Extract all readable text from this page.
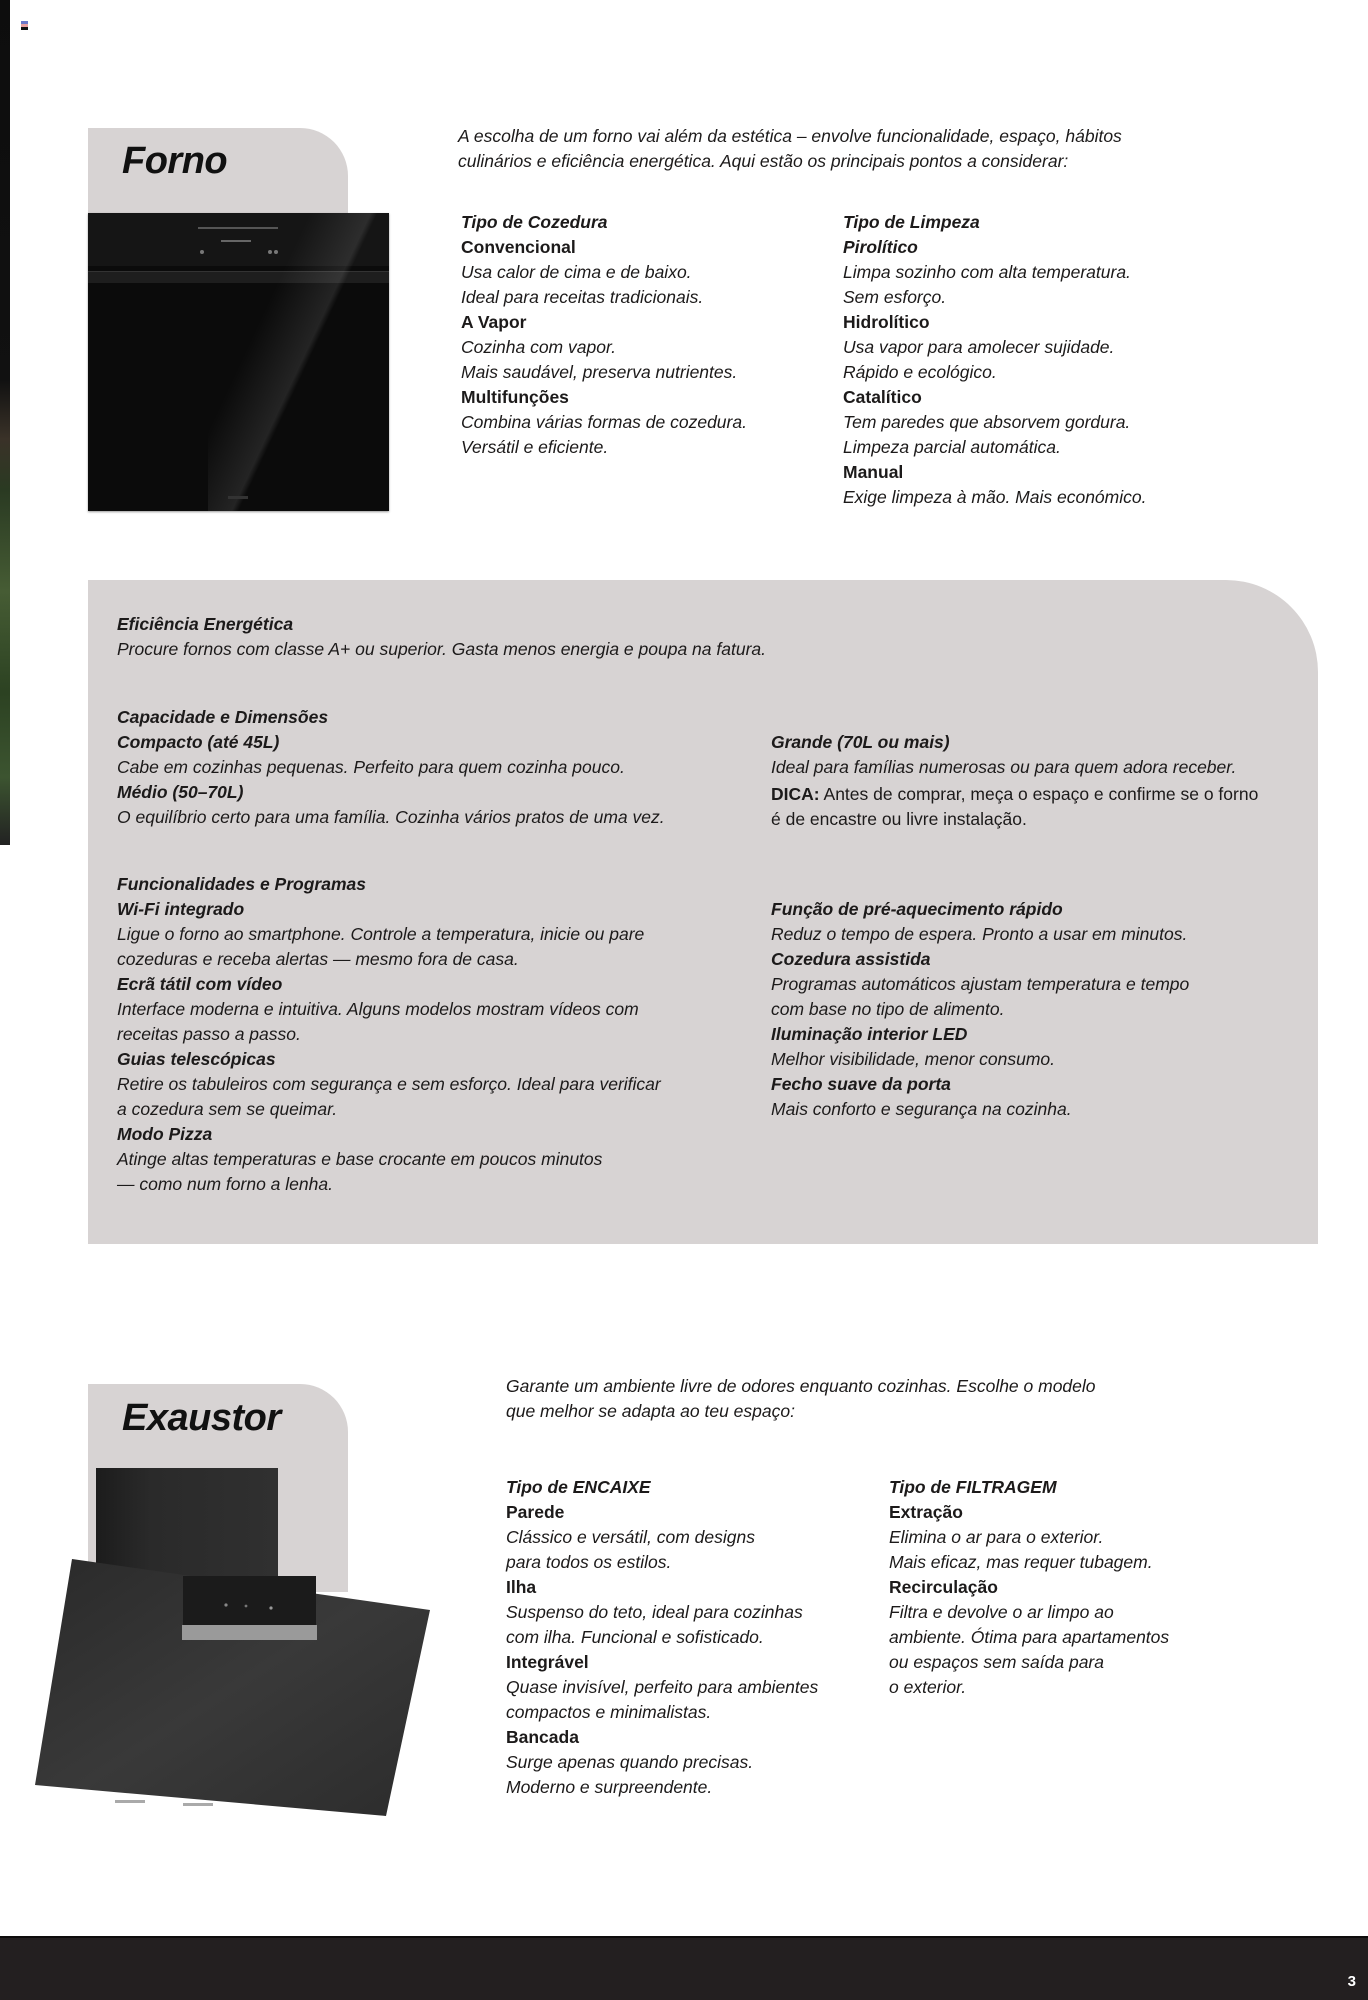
Forno
A escolha de um forno vai além da estética – envolve funcionalidade, espaço, hábitos
culinários e eficiência energética. Aqui estão os principais pontos a considerar:
Tipo de Cozedura
Convencional
Usa calor de cima e de baixo.
Ideal para receitas tradicionais.
A Vapor
Cozinha com vapor.
Mais saudável, preserva nutrientes.
Multifunções
Combina várias formas de cozedura.
Versátil e eficiente.
Tipo de Limpeza
Pirolítico
Limpa sozinho com alta temperatura.
Sem esforço.
Hidrolítico
Usa vapor para amolecer sujidade.
Rápido e ecológico.
Catalítico
Tem paredes que absorvem gordura.
Limpeza parcial automática.
Manual
Exige limpeza à mão. Mais económico.
Eficiência Energética
Procure fornos com classe A+ ou superior. Gasta menos energia e poupa na fatura.
Capacidade e Dimensões
Compacto (até 45L)
Cabe em cozinhas pequenas. Perfeito para quem cozinha pouco.
Médio (50–70L)
O equilíbrio certo para uma família. Cozinha vários pratos de uma vez.
Grande (70L ou mais)
Ideal para famílias numerosas ou para quem adora receber.
DICA: Antes de comprar, meça o espaço e confirme se o forno
é de encastre ou livre instalação.
Funcionalidades e Programas
Wi-Fi integrado
Ligue o forno ao smartphone. Controle a temperatura, inicie ou pare
cozeduras e receba alertas — mesmo fora de casa.
Ecrã tátil com vídeo
Interface moderna e intuitiva. Alguns modelos mostram vídeos com
receitas passo a passo.
Guias telescópicas
Retire os tabuleiros com segurança e sem esforço. Ideal para verificar
a cozedura sem se queimar.
Modo Pizza
Atinge altas temperaturas e base crocante em poucos minutos
— como num forno a lenha.
Função de pré-aquecimento rápido
Reduz o tempo de espera. Pronto a usar em minutos.
Cozedura assistida
Programas automáticos ajustam temperatura e tempo
com base no tipo de alimento.
Iluminação interior LED
Melhor visibilidade, menor consumo.
Fecho suave da porta
Mais conforto e segurança na cozinha.
Exaustor
Garante um ambiente livre de odores enquanto cozinhas. Escolhe o modelo
que melhor se adapta ao teu espaço:
Tipo de ENCAIXE
Parede
Clássico e versátil, com designs
para todos os estilos.
Ilha
Suspenso do teto, ideal para cozinhas
com ilha. Funcional e sofisticado.
Integrável
Quase invisível, perfeito para ambientes
compactos e minimalistas.
Bancada
Surge apenas quando precisas.
Moderno e surpreendente.
Tipo de FILTRAGEM
Extração
Elimina o ar para o exterior.
Mais eficaz, mas requer tubagem.
Recirculação
Filtra e devolve o ar limpo ao
ambiente. Ótima para apartamentos
ou espaços sem saída para
o exterior.
3
